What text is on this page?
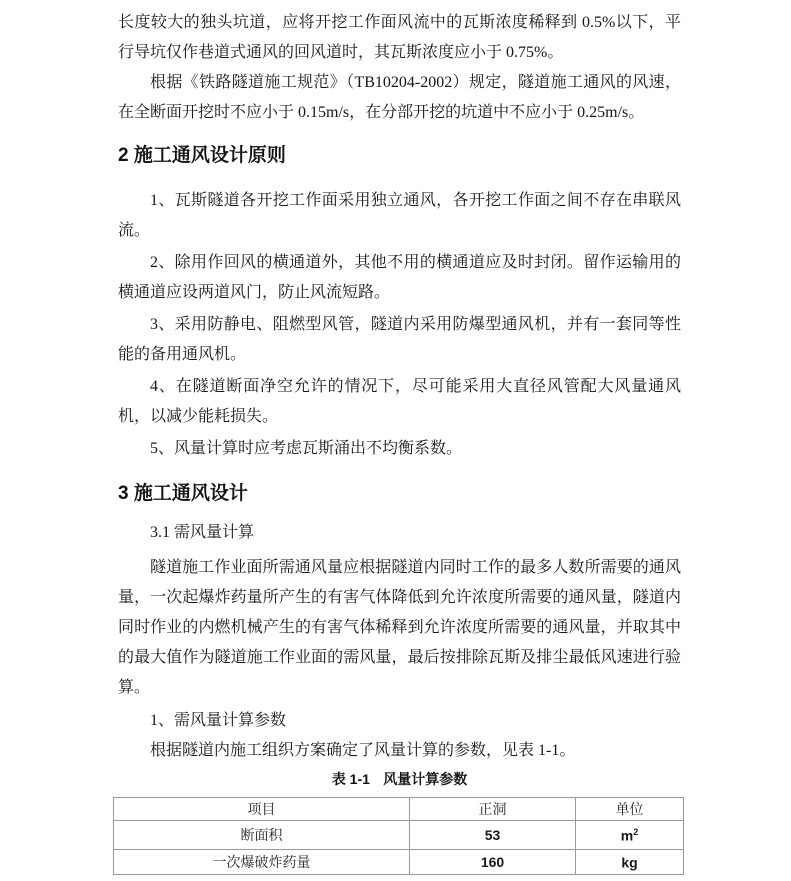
长度较大的独头坑道，应将开挖工作面风流中的瓦斯浓度稀释到 0.5%以下，平行导坑仅作巷道式通风的回风道时，其瓦斯浓度应小于 0.75%。

根据《铁路隧道施工规范》（TB10204-2002）规定，隧道施工通风的风速，在全断面开挖时不应小于 0.15m/s，在分部开挖的坑道中不应小于 0.25m/s。

2 施工通风设计原则

1、瓦斯隧道各开挖工作面采用独立通风，各开挖工作面之间不存在串联风流。

2、除用作回风的横通道外，其他不用的横通道应及时封闭。留作运输用的横通道应设两道风门，防止风流短路。

3、采用防静电、阻燃型风管，隧道内采用防爆型通风机，并有一套同等性能的备用通风机。

4、在隧道断面净空允许的情况下，尽可能采用大直径风管配大风量通风机，以减少能耗损失。

5、风量计算时应考虑瓦斯涌出不均衡系数。

3 施工通风设计

3.1 需风量计算

隧道施工作业面所需通风量应根据隧道内同时工作的最多人数所需要的通风量，一次起爆炸药量所产生的有害气体降低到允许浓度所需要的通风量，隧道内同时作业的内燃机械产生的有害气体稀释到允许浓度所需要的通风量，并取其中的最大值作为隧道施工作业面的需风量，最后按排除瓦斯及排尘最低风速进行验算。

1、需风量计算参数

根据隧道内施工组织方案确定了风量计算的参数，见表 1-1。

表 1-1 风量计算参数
项目	正洞	单位
断面积	53	$m^2$
一次爆破炸药量	160	kg
